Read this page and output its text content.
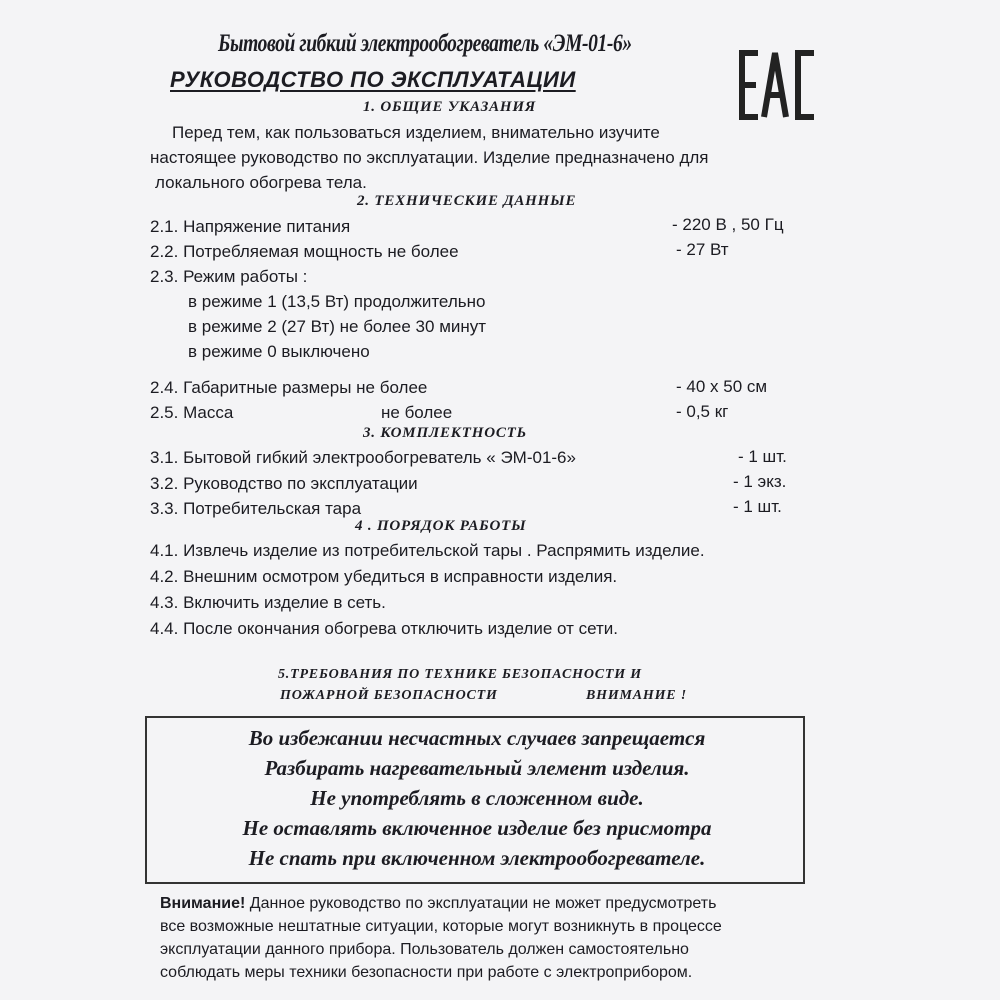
Бытовой гибкий электрообогреватель «ЭМ-01-6»
РУКОВОДСТВО ПО ЭКСПЛУАТАЦИИ
1. ОБЩИЕ УКАЗАНИЯ
Перед тем, как пользоваться изделием, внимательно изучите
настоящее руководство по эксплуатации. Изделие предназначено для
локального обогрева тела.
2. ТЕХНИЧЕСКИЕ ДАННЫЕ
2.1. Напряжение питания	- 220 В , 50 Гц
2.2. Потребляемая мощность не более	- 27 Вт
2.3. Режим работы :
в режиме 1 (13,5 Вт) продолжительно
в режиме 2 (27 Вт) не более 30 минут
в режиме 0 выключено
2.4. Габаритные размеры не более	- 40 х 50 см
2.5. Масса	не более	- 0,5 кг
3. КОМПЛЕКТНОСТЬ
3.1. Бытовой гибкий электрообогреватель « ЭМ-01-6»	- 1 шт.
3.2. Руководство по эксплуатации	- 1 экз.
3.3. Потребительская тара	- 1 шт.
4 . ПОРЯДОК РАБОТЫ
4.1. Извлечь изделие из потребительской тары . Распрямить изделие.
4.2. Внешним осмотром убедиться в исправности изделия.
4.3. Включить изделие в сеть.
4.4. После окончания обогрева отключить изделие от сети.
5.ТРЕБОВАНИЯ ПО ТЕХНИКЕ БЕЗОПАСНОСТИ И
ПОЖАРНОЙ БЕЗОПАСНОСТИ	ВНИМАНИЕ !
Во избежании несчастных случаев запрещается
Разбирать нагревательный элемент изделия.
Не употреблять в сложенном виде.
Не оставлять включенное изделие без присмотра
Не спать при включенном электрообогревателе.
Внимание! Данное руководство по эксплуатации не может предусмотреть
все возможные нештатные ситуации, которые могут возникнуть в процессе
эксплуатации данного прибора. Пользователь должен самостоятельно
соблюдать меры техники безопасности при работе с электроприбором.
